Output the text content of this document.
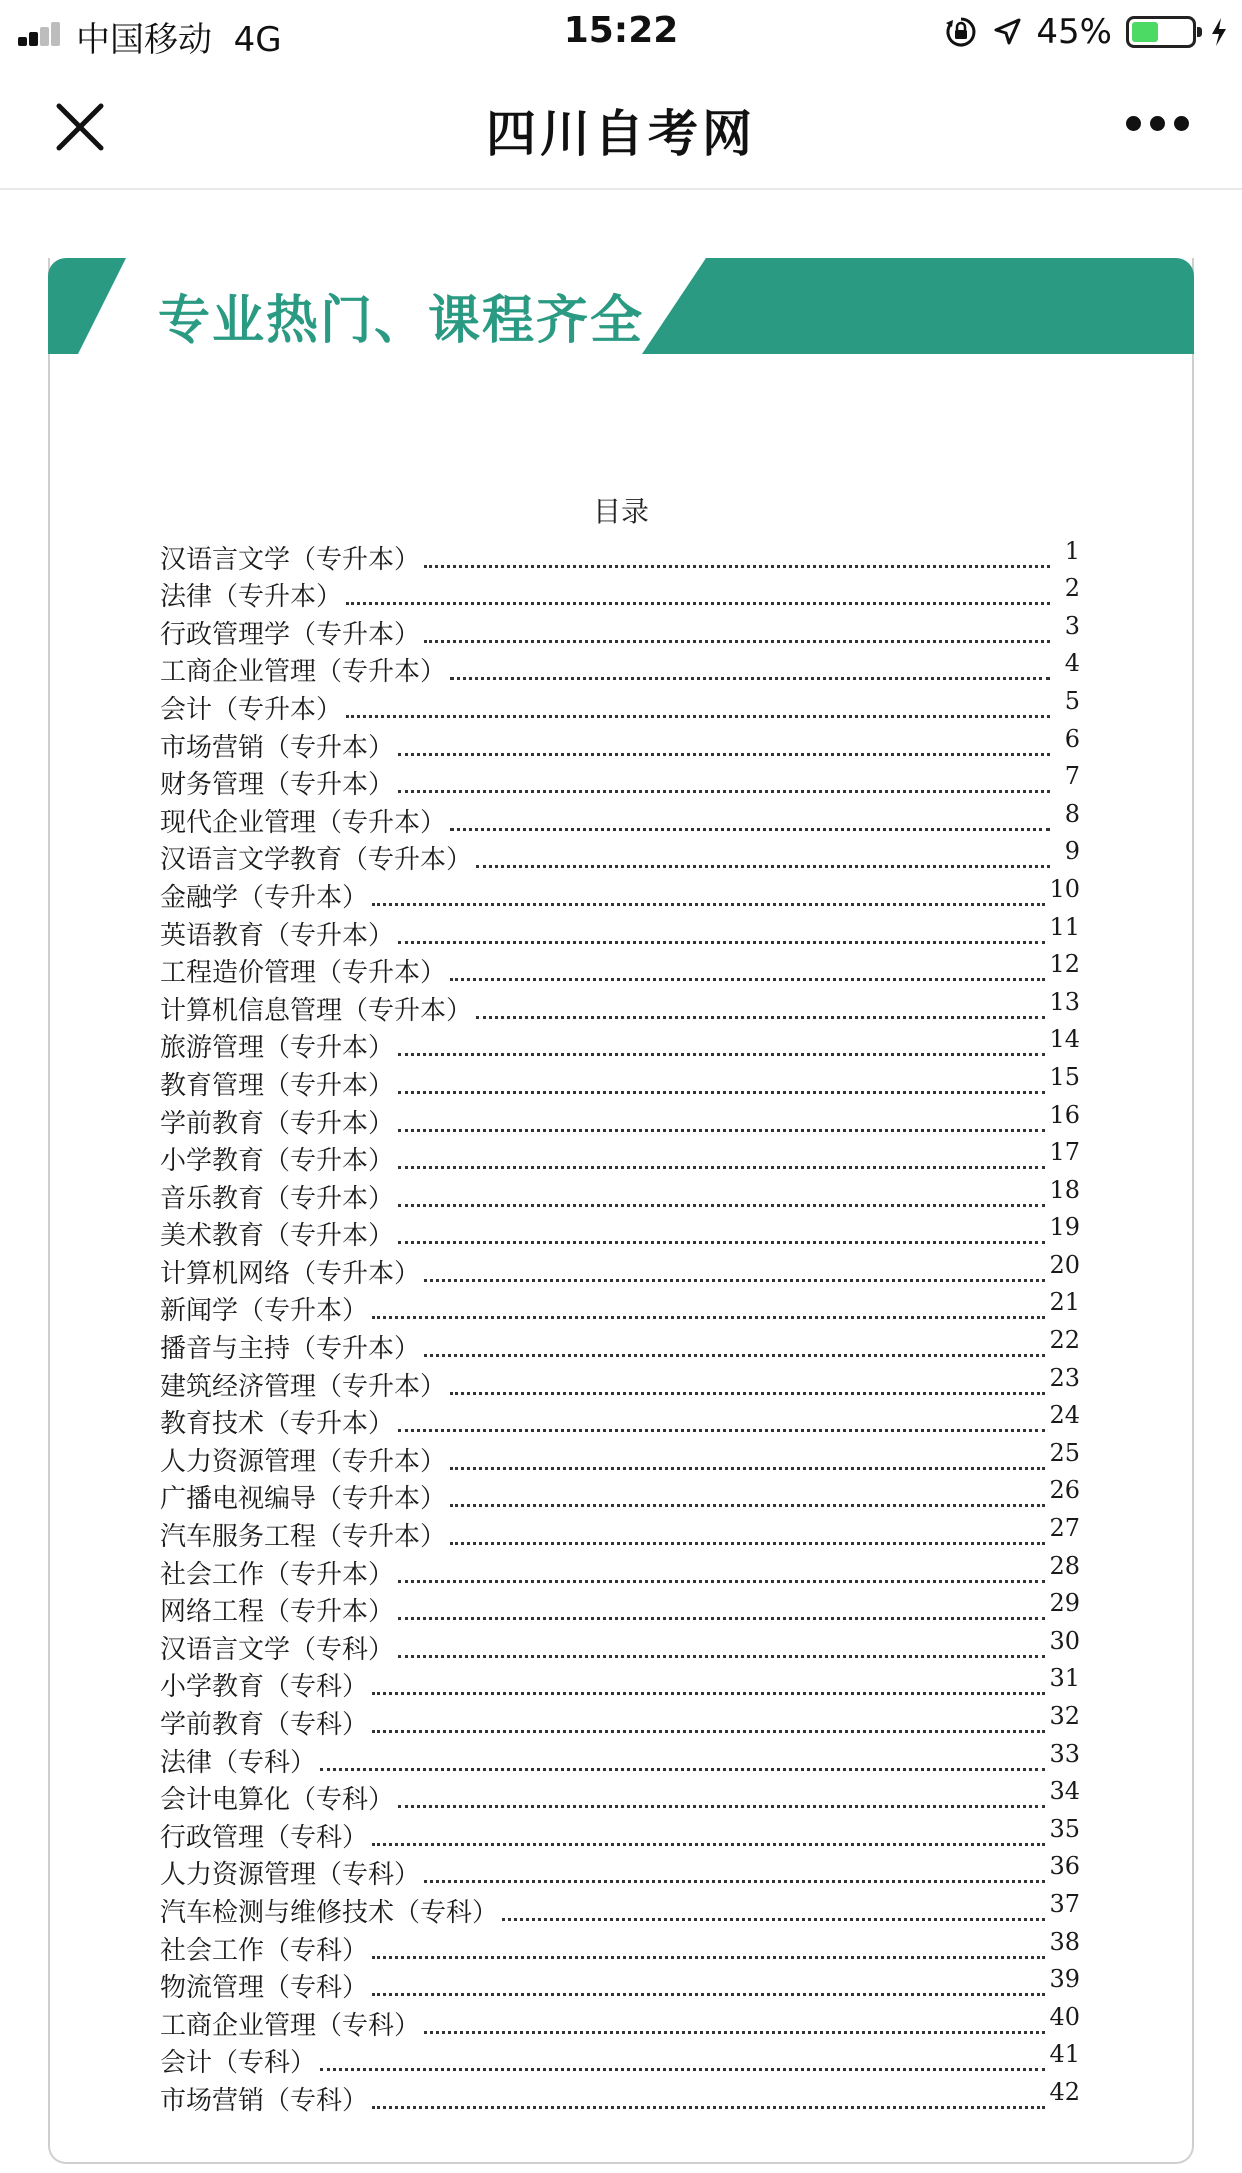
中国移动 4G	15:22	45%
四川自考网
专业热门、课程齐全
目录
汉语言文学（专升本）	1
法律（专升本）	2
行政管理学（专升本）	3
工商企业管理（专升本）	4
会计（专升本）	5
市场营销（专升本）	6
财务管理（专升本）	7
现代企业管理（专升本）	8
汉语言文学教育（专升本）	9
金融学（专升本）	10
英语教育（专升本）	11
工程造价管理（专升本）	12
计算机信息管理（专升本）	13
旅游管理（专升本）	14
教育管理（专升本）	15
学前教育（专升本）	16
小学教育（专升本）	17
音乐教育（专升本）	18
美术教育（专升本）	19
计算机网络（专升本）	20
新闻学（专升本）	21
播音与主持（专升本）	22
建筑经济管理（专升本）	23
教育技术（专升本）	24
人力资源管理（专升本）	25
广播电视编导（专升本）	26
汽车服务工程（专升本）	27
社会工作（专升本）	28
网络工程（专升本）	29
汉语言文学（专科）	30
小学教育（专科）	31
学前教育（专科）	32
法律（专科）	33
会计电算化（专科）	34
行政管理（专科）	35
人力资源管理（专科）	36
汽车检测与维修技术（专科）	37
社会工作（专科）	38
物流管理（专科）	39
工商企业管理（专科）	40
会计（专科）	41
市场营销（专科）	42
